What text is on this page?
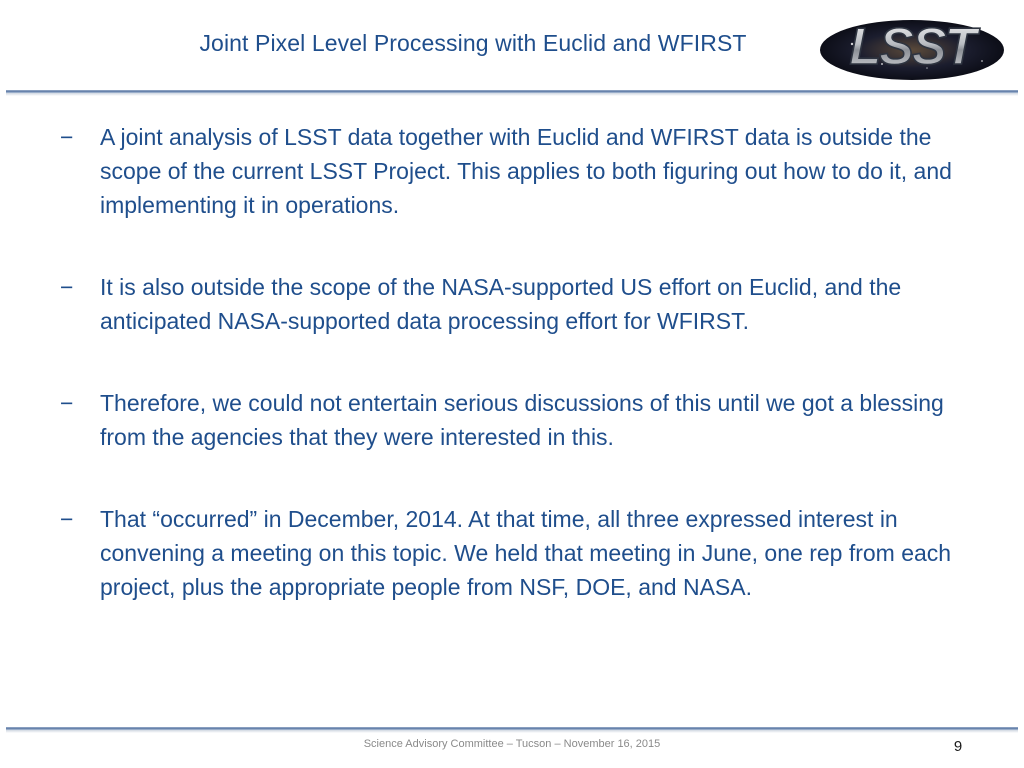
Joint Pixel Level Processing with Euclid and WFIRST	LSST
− A joint analysis of LSST data together with Euclid and WFIRST data is outside the scope of the current LSST Project. This applies to both figuring out how to do it, and implementing it in operations.
− It is also outside the scope of the NASA-supported US effort on Euclid, and the anticipated NASA-supported data processing effort for WFIRST.
− Therefore, we could not entertain serious discussions of this until we got a blessing from the agencies that they were interested in this.
− That “occurred” in December, 2014. At that time, all three expressed interest in convening a meeting on this topic. We held that meeting in June, one rep from each project, plus the appropriate people from NSF, DOE, and NASA.
Science Advisory Committee – Tucson – November 16, 2015	9
